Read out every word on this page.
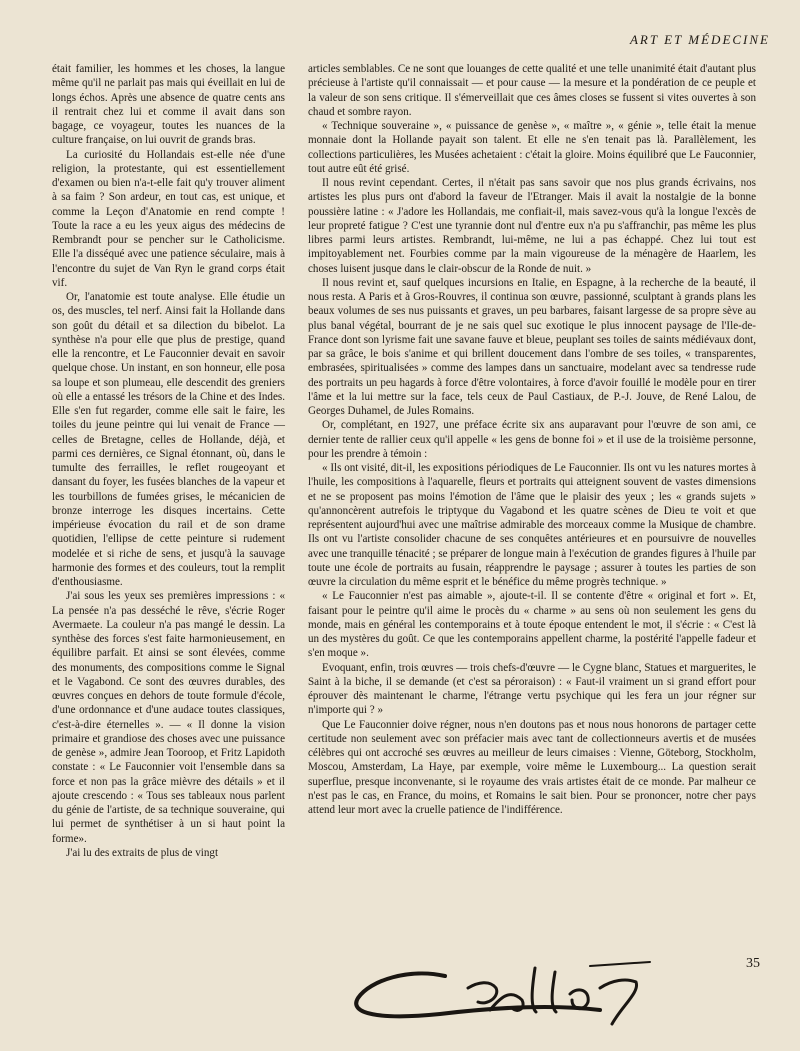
ART ET MÉDECINE

était familier, les hommes et les choses, la langue même qu'il ne parlait pas mais qui éveillait en lui de longs échos. Après une absence de quatre cents ans il rentrait chez lui et comme il avait dans son bagage, ce voyageur, toutes les nuances de la culture française, on lui ouvrit de grands bras.

La curiosité du Hollandais est-elle née d'une religion, la protestante, qui est essentiellement d'examen ou bien n'a-t-elle fait qu'y trouver aliment à sa faim ? Son ardeur, en tout cas, est unique, et comme la Leçon d'Anatomie en rend compte ! Toute la race a eu les yeux aigus des médecins de Rembrandt pour se pencher sur le Catholicisme. Elle l'a disséqué avec une patience séculaire, mais à l'encontre du sujet de Van Ryn le grand corps était vif.

Or, l'anatomie est toute analyse. Elle étudie un os, des muscles, tel nerf. Ainsi fait la Hollande dans son goût du détail et sa dilection du bibelot. La synthèse n'a pour elle que plus de prestige, quand elle la rencontre, et Le Fauconnier devait en savoir quelque chose. Un instant, en son honneur, elle posa sa loupe et son plumeau, elle descendit des greniers où elle a entassé les trésors de la Chine et des Indes. Elle s'en fut regarder, comme elle sait le faire, les toiles du jeune peintre qui lui venait de France — celles de Bretagne, celles de Hollande, déjà, et parmi ces dernières, ce Signal étonnant, où, dans le tumulte des ferrailles, le reflet rougeoyant et dansant du foyer, les fusées blanches de la vapeur et les tourbillons de fumées grises, le mécanicien de bronze interroge les disques incertains. Cette impérieuse évocation du rail et de son drame quotidien, l'ellipse de cette peinture si rudement modelée et si riche de sens, et jusqu'à la sauvage harmonie des formes et des couleurs, tout la remplit d'enthousiasme.

J'ai sous les yeux ses premières impressions : « La pensée n'a pas desséché le rêve, s'écrie Roger Avermaete. La couleur n'a pas mangé le dessin. La synthèse des forces s'est faite harmonieusement, en équilibre parfait. Et ainsi se sont élevées, comme des monuments, des compositions comme le Signal et le Vagabond. Ce sont des œuvres durables, des œuvres conçues en dehors de toute formule d'école, d'une ordonnance et d'une audace toutes classiques, c'est-à-dire éternelles ». — « Il donne la vision primaire et grandiose des choses avec une puissance de genèse », admire Jean Tooroop, et Fritz Lapidoth constate : « Le Fauconnier voit l'ensemble dans sa force et non pas la grâce mièvre des détails » et il ajoute crescendo : « Tous ses tableaux nous parlent du génie de l'artiste, de sa technique souveraine, qui lui permet de synthétiser à un si haut point la forme».

J'ai lu des extraits de plus de vingt

articles semblables. Ce ne sont que louanges de cette qualité et une telle unanimité était d'autant plus précieuse à l'artiste qu'il connaissait — et pour cause — la mesure et la pondération de ce peuple et la valeur de son sens critique. Il s'émerveillait que ces âmes closes se fussent si vites ouvertes à son chaud et sombre rayon.

« Technique souveraine », « puissance de genèse », « maître », « génie », telle était la menue monnaie dont la Hollande payait son talent. Et elle ne s'en tenait pas là. Parallèlement, les collections particulières, les Musées achetaient : c'était la gloire. Moins équilibré que Le Fauconnier, tout autre eût été grisé.

Il nous revint cependant. Certes, il n'était pas sans savoir que nos plus grands écrivains, nos artistes les plus purs ont d'abord la faveur de l'Etranger. Mais il avait la nostalgie de la bonne poussière latine : « J'adore les Hollandais, me confiait-il, mais savez-vous qu'à la longue l'excès de leur propreté fatigue ? C'est une tyrannie dont nul d'entre eux n'a pu s'affranchir, pas même les plus libres parmi leurs artistes. Rembrandt, lui-même, ne lui a pas échappé. Chez lui tout est impitoyablement net. Fourbies comme par la main vigoureuse de la ménagère de Haarlem, les choses luisent jusque dans le clair-obscur de la Ronde de nuit. »

Il nous revint et, sauf quelques incursions en Italie, en Espagne, à la recherche de la beauté, il nous resta. A Paris et à Gros-Rouvres, il continua son œuvre, passionné, sculptant à grands plans les beaux volumes de ses nus puissants et graves, un peu barbares, faisant largesse de sa propre sève au plus banal végétal, bourrant de je ne sais quel suc exotique le plus innocent paysage de l'Ile-de-France dont son lyrisme fait une savane fauve et bleue, peuplant ses toiles de saints médiévaux dont, par sa grâce, le bois s'anime et qui brillent doucement dans l'ombre de ses toiles, « transparentes, embrasées, spiritualisées » comme des lampes dans un sanctuaire, modelant avec sa tendresse rude des portraits un peu hagards à force d'être volontaires, à force d'avoir fouillé le modèle pour en tirer l'âme et la lui mettre sur la face, tels ceux de Paul Castiaux, de P.-J. Jouve, de René Lalou, de Georges Duhamel, de Jules Romains.

Or, complétant, en 1927, une préface écrite six ans auparavant pour l'œuvre de son ami, ce dernier tente de rallier ceux qu'il appelle « les gens de bonne foi » et il use de la troisième personne, pour les prendre à témoin :

« Ils ont visité, dit-il, les expositions périodiques de Le Fauconnier. Ils ont vu les natures mortes à l'huile, les compositions à l'aquarelle, fleurs et portraits qui atteignent souvent de vastes dimensions et ne se proposent pas moins l'émotion de l'âme que le plaisir des yeux ; les « grands sujets » qu'annoncèrent autrefois le triptyque du Vagabond et les quatre scènes de Dieu te voit et que représentent aujourd'hui avec une maîtrise admirable des morceaux comme la Musique de chambre. Ils ont vu l'artiste consolider chacune de ses conquêtes antérieures et en poursuivre de nouvelles avec une tranquille ténacité ; se préparer de longue main à l'exécution de grandes figures à l'huile par toute une école de portraits au fusain, réapprendre le paysage ; assurer à toutes les parties de son œuvre la circulation du même esprit et le bénéfice du même progrès technique. »

« Le Fauconnier n'est pas aimable », ajoute-t-il. Il se contente d'être « original et fort ». Et, faisant pour le peintre qu'il aime le procès du « charme » au sens où non seulement les gens du monde, mais en général les contemporains et à toute époque entendent le mot, il s'écrie : « C'est là un des mystères du goût. Ce que les contemporains appellent charme, la postérité l'appelle fadeur et s'en moque ».

Evoquant, enfin, trois œuvres — trois chefs-d'œuvre — le Cygne blanc, Statues et marguerites, le Saint à la biche, il se demande (et c'est sa péroraison) : « Faut-il vraiment un si grand effort pour éprouver dès maintenant le charme, l'étrange vertu psychique qui les fera un jour régner sur n'importe qui ? »

Que Le Fauconnier doive régner, nous n'en doutons pas et nous nous honorons de partager cette certitude non seulement avec son préfacier mais avec tant de collectionneurs avertis et de musées célèbres qui ont accroché ses œuvres au meilleur de leurs cimaises : Vienne, Göteborg, Stockholm, Moscou, Amsterdam, La Haye, par exemple, voire même le Luxembourg... La question serait superflue, presque inconvenante, si le royaume des vrais artistes était de ce monde. Par malheur ce n'est pas le cas, en France, du moins, et Romains le sait bien. Pour se prononcer, notre cher pays attend leur mort avec la cruelle patience de l'indifférence.

35
